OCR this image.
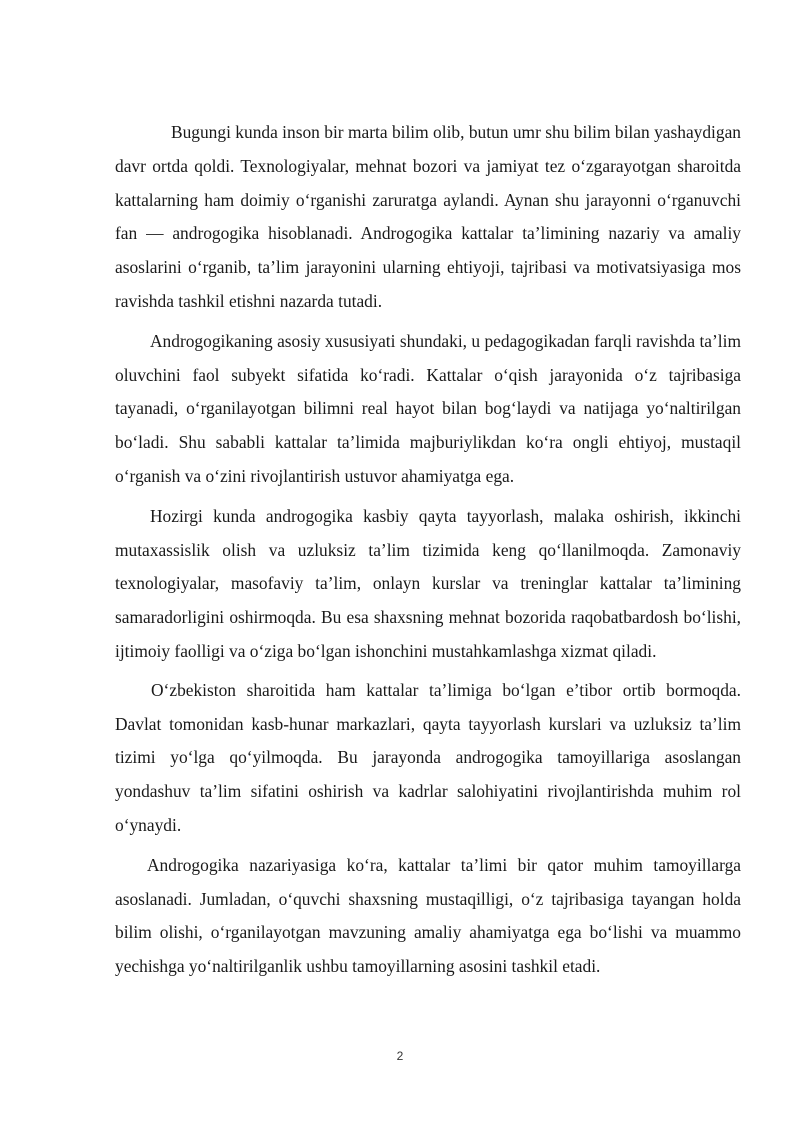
Bugungi kunda inson bir marta bilim olib, butun umr shu bilim bilan yashaydigan davr ortda qoldi. Texnologiyalar, mehnat bozori va jamiyat tez o‘zgarayotgan sharoitda kattalarning ham doimiy o‘rganishi zaruratga aylandi. Aynan shu jarayonni o‘rganuvchi fan — androgogika hisoblanadi. Androgogika kattalar ta’limining nazariy va amaliy asoslarini o‘rganib, ta’lim jarayonini ularning ehtiyoji, tajribasi va motivatsiyasiga mos ravishda tashkil etishni nazarda tutadi.

Androgogikaning asosiy xususiyati shundaki, u pedagogikadan farqli ravishda ta’lim oluvchini faol subyekt sifatida ko‘radi. Kattalar o‘qish jarayonida o‘z tajribasiga tayanadi, o‘rganilayotgan bilimni real hayot bilan bog‘laydi va natijaga yo‘naltirilgan bo‘ladi. Shu sababli kattalar ta’limida majburiylikdan ko‘ra ongli ehtiyoj, mustaqil o‘rganish va o‘zini rivojlantirish ustuvor ahamiyatga ega.

Hozirgi kunda androgogika kasbiy qayta tayyorlash, malaka oshirish, ikkinchi mutaxassislik olish va uzluksiz ta’lim tizimida keng qo‘llanilmoqda. Zamonaviy texnologiyalar, masofaviy ta’lim, onlayn kurslar va treninglar kattalar ta’limining samaradorligini oshirmoqda. Bu esa shaxsning mehnat bozorida raqobatbardosh bo‘lishi, ijtimoiy faolligi va o‘ziga bo‘lgan ishonchini mustahkamlashga xizmat qiladi.

O‘zbekiston sharoitida ham kattalar ta’limiga bo‘lgan e’tibor ortib bormoqda. Davlat tomonidan kasb-hunar markazlari, qayta tayyorlash kurslari va uzluksiz ta’lim tizimi yo‘lga qo‘yilmoqda. Bu jarayonda androgogika tamoyillariga asoslangan yondashuv ta’lim sifatini oshirish va kadrlar salohiyatini rivojlantirishda muhim rol o‘ynaydi.

Androgogika nazariyasiga ko‘ra, kattalar ta’limi bir qator muhim tamoyillarga asoslanadi. Jumladan, o‘quvchi shaxsning mustaqilligi, o‘z tajribasiga tayangan holda bilim olishi, o‘rganilayotgan mavzuning amaliy ahamiyatga ega bo‘lishi va muammo yechishga yo‘naltirilganlik ushbu tamoyillarning asosini tashkil etadi.

2
